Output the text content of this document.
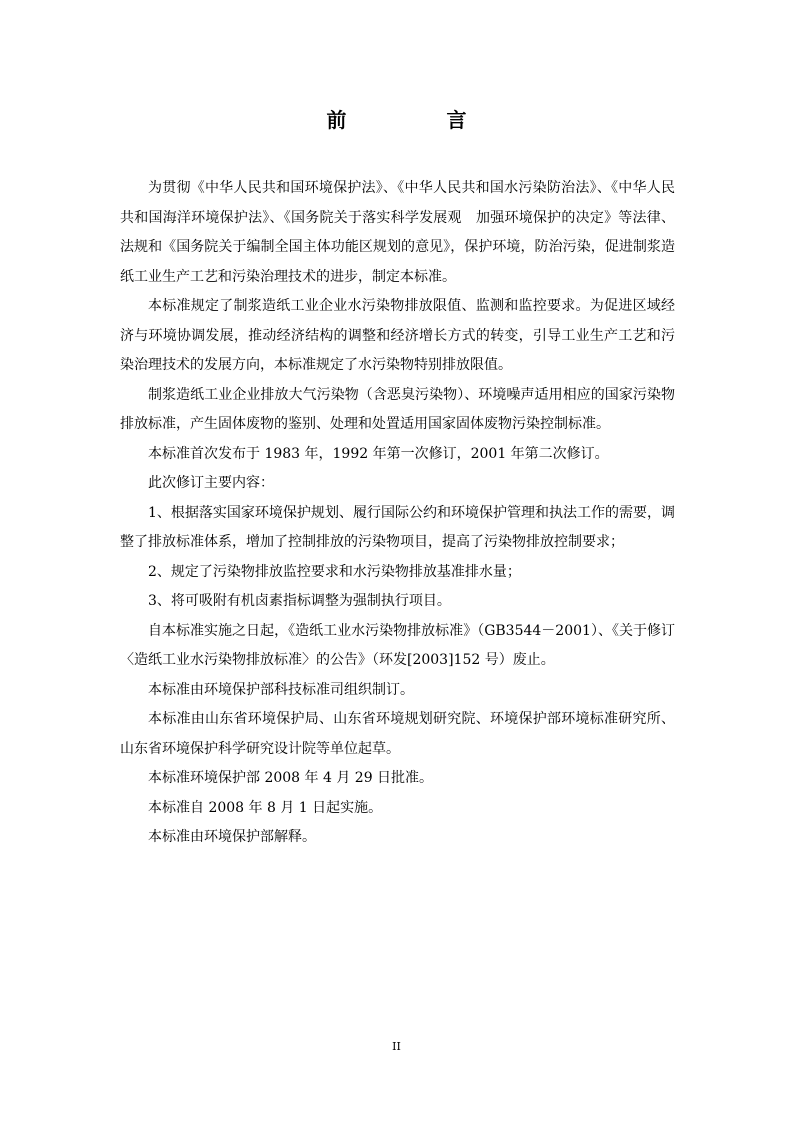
前　言

为贯彻《中华人民共和国环境保护法》、《中华人民共和国水污染防治法》、《中华人民共和国海洋环境保护法》、《国务院关于落实科学发展观　加强环境保护的决定》等法律、法规和《国务院关于编制全国主体功能区规划的意见》，保护环境，防治污染，促进制浆造纸工业生产工艺和污染治理技术的进步，制定本标准。

本标准规定了制浆造纸工业企业水污染物排放限值、监测和监控要求。为促进区域经济与环境协调发展，推动经济结构的调整和经济增长方式的转变，引导工业生产工艺和污染治理技术的发展方向，本标准规定了水污染物特别排放限值。

制浆造纸工业企业排放大气污染物（含恶臭污染物）、环境噪声适用相应的国家污染物排放标准，产生固体废物的鉴别、处理和处置适用国家固体废物污染控制标准。

本标准首次发布于 1983 年，1992 年第一次修订，2001 年第二次修订。

此次修订主要内容：

1、根据落实国家环境保护规划、履行国际公约和环境保护管理和执法工作的需要，调整了排放标准体系，增加了控制排放的污染物项目，提高了污染物排放控制要求；

2、规定了污染物排放监控要求和水污染物排放基准排水量；

3、将可吸附有机卤素指标调整为强制执行项目。

自本标准实施之日起，《造纸工业水污染物排放标准》（GB3544－2001）、《关于修订〈造纸工业水污染物排放标准〉的公告》（环发[2003]152 号）废止。

本标准由环境保护部科技标准司组织制订。

本标准由山东省环境保护局、山东省环境规划研究院、环境保护部环境标准研究所、山东省环境保护科学研究设计院等单位起草。

本标准环境保护部 2008 年 4 月 29 日批准。

本标准自 2008 年 8 月 1 日起实施。

本标准由环境保护部解释。

II
